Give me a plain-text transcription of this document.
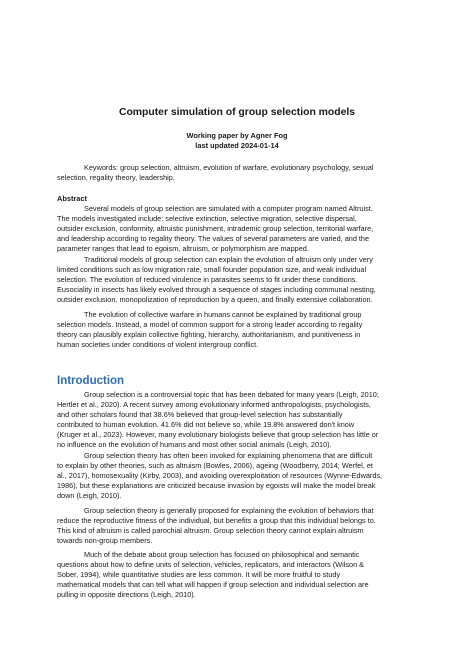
Computer simulation of group selection models
Working paper by Agner Fog
last updated 2024-01-14
Keywords: group selection, altruism, evolution of warfare, evolutionary psychology, sexual
selection, regality theory, leadership.
Abstract
Several models of group selection are simulated with a computer program named Altruist.
The models investigated include: selective extinction, selective migration, selective dispersal,
outsider exclusion, conformity, altruistic punishment, intrademic group selection, territorial warfare,
and leadership according to regality theory. The values of several parameters are varied, and the
parameter ranges that lead to egoism, altruism, or polymorphism are mapped.
Traditional models of group selection can explain the evolution of altruism only under very
limited conditions such as low migration rate, small founder population size, and weak individual
selection. The evolution of reduced virulence in parasites seems to fit under these conditions.
Eusociality in insects has likely evolved through a sequence of stages including communal nesting,
outsider exclusion, monopolization of reproduction by a queen, and finally extensive collaboration.
The evolution of collective warfare in humans cannot be explained by traditional group
selection models. Instead, a model of common support for a strong leader according to regality
theory can plausibly explain collective fighting, hierarchy, authoritarianism, and punitiveness in
human societies under conditions of violent intergroup conflict.
Introduction
Group selection is a controversial topic that has been debated for many years (Leigh, 2010;
Hertler et al., 2020). A recent survey among evolutionary informed anthropologists, psychologists,
and other scholars found that 38.6% believed that group-level selection has substantially
contributed to human evolution. 41.6% did not believe so, while 19.8% answered don't know
(Kruger et al., 2023). However, many evolutionary biologists believe that group selection has little or
no influence on the evolution of humans and most other social animals (Leigh, 2010).
Group selection theory has often been invoked for explaining phenomena that are difficult
to explain by other theories, such as altruism (Bowles, 2006), ageing (Woodberry, 2014; Werfel, et
al., 2017), homosexuality (Kirby, 2003), and avoiding overexploitation of resources (Wynne-Edwards,
1986), but these explanations are criticized because invasion by egoists will make the model break
down (Leigh, 2010).
Group selection theory is generally proposed for explaining the evolution of behaviors that
reduce the reproductive fitness of the individual, but benefits a group that this individual belongs to.
This kind of altruism is called parochial altruism. Group selection theory cannot explain altruism
towards non-group members.
Much of the debate about group selection has focused on philosophical and semantic
questions about how to define units of selection, vehicles, replicators, and interactors (Wilson &
Sober, 1994), while quantitative studies are less common. It will be more fruitful to study
mathematical models that can tell what will happen if group selection and individual selection are
pulling in opposite directions (Leigh, 2010).
